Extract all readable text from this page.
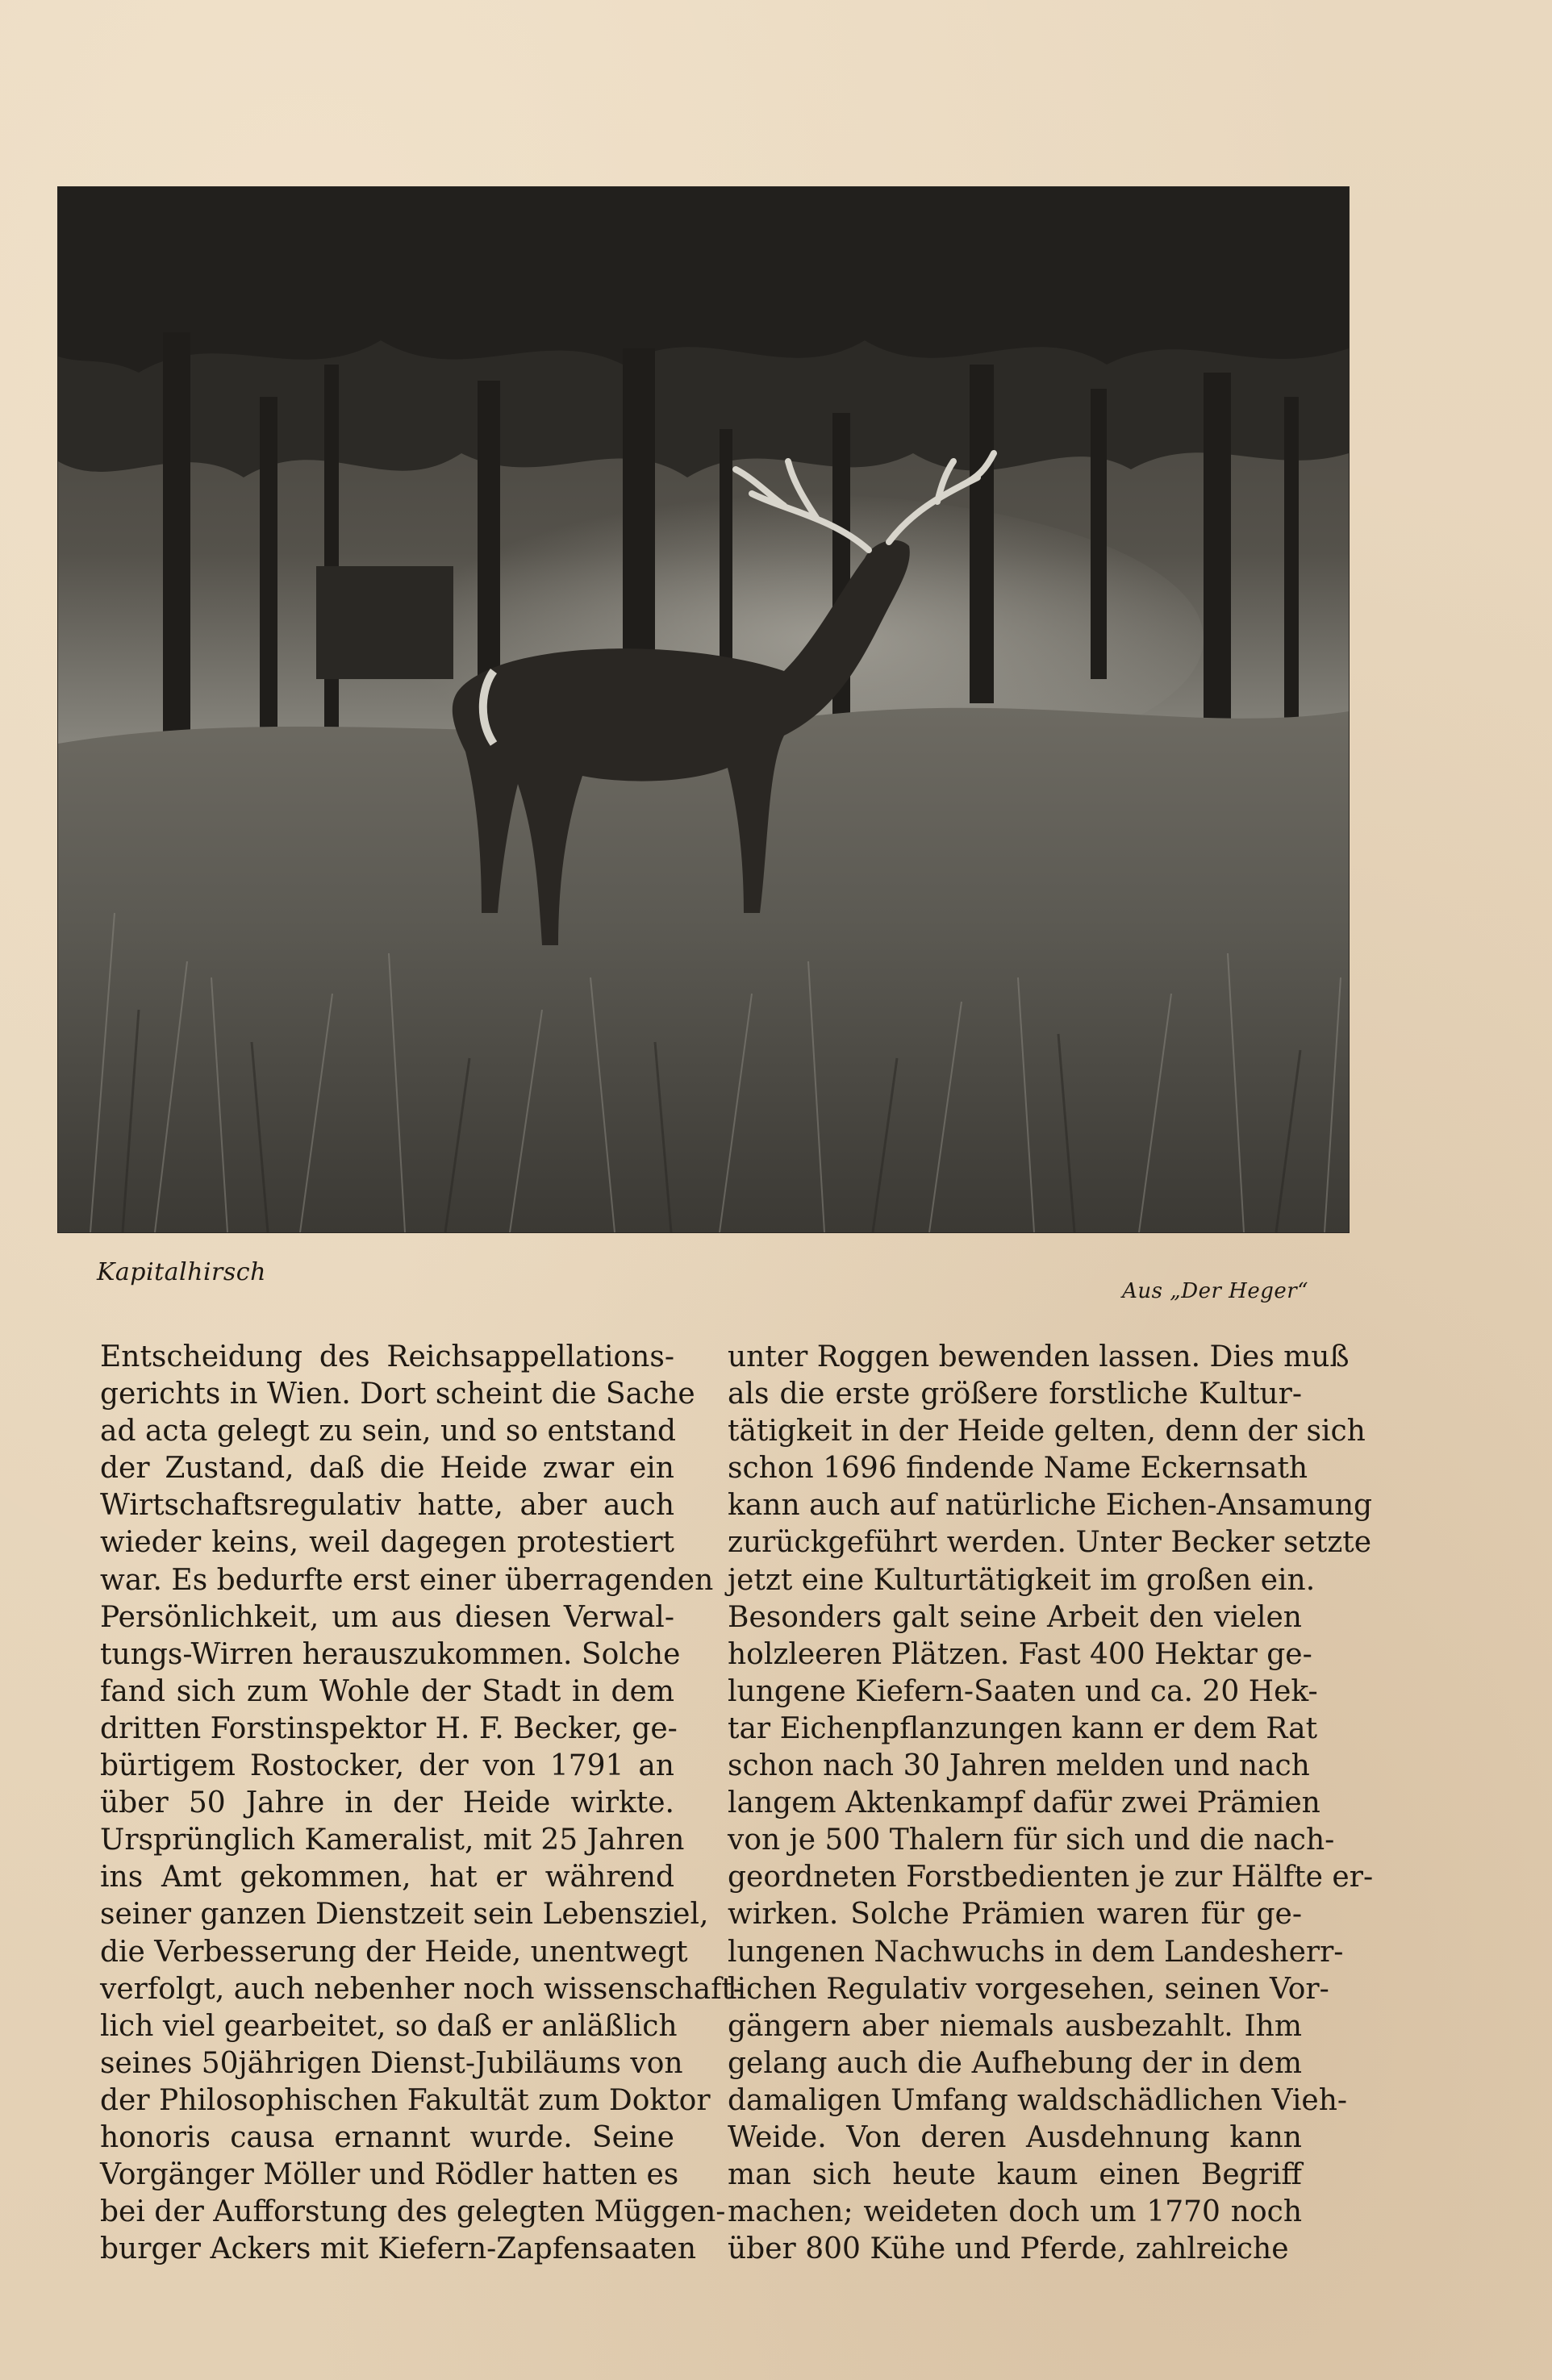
Kapitalhirsch
Aus „Der Heger“
Entscheidung des Reichsappellations-
gerichts in Wien. Dort scheint die Sache
ad acta gelegt zu sein, und so entstand
der Zustand, daß die Heide zwar ein
Wirtschaftsregulativ hatte, aber auch
wieder keins, weil dagegen protestiert
war. Es bedurfte erst einer überragenden
Persönlichkeit, um aus diesen Verwal-
tungs-Wirren herauszukommen. Solche
fand sich zum Wohle der Stadt in dem
dritten Forstinspektor H. F. Becker, ge-
bürtigem Rostocker, der von 1791 an
über 50 Jahre in der Heide wirkte.
Ursprünglich Kameralist, mit 25 Jahren
ins Amt gekommen, hat er während
seiner ganzen Dienstzeit sein Lebensziel,
die Verbesserung der Heide, unentwegt
verfolgt, auch nebenher noch wissenschaft-
lich viel gearbeitet, so daß er anläßlich
seines 50jährigen Dienst-Jubiläums von
der Philosophischen Fakultät zum Doktor
honoris causa ernannt wurde. Seine
Vorgänger Möller und Rödler hatten es
bei der Aufforstung des gelegten Müggen-
burger Ackers mit Kiefern-Zapfensaaten
unter Roggen bewenden lassen. Dies muß
als die erste größere forstliche Kultur-
tätigkeit in der Heide gelten, denn der sich
schon 1696 findende Name Eckernsath
kann auch auf natürliche Eichen-Ansamung
zurückgeführt werden. Unter Becker setzte
jetzt eine Kulturtätigkeit im großen ein.
Besonders galt seine Arbeit den vielen
holzleeren Plätzen. Fast 400 Hektar ge-
lungene Kiefern-Saaten und ca. 20 Hek-
tar Eichenpflanzungen kann er dem Rat
schon nach 30 Jahren melden und nach
langem Aktenkampf dafür zwei Prämien
von je 500 Thalern für sich und die nach-
geordneten Forstbedienten je zur Hälfte er-
wirken. Solche Prämien waren für ge-
lungenen Nachwuchs in dem Landesherr-
lichen Regulativ vorgesehen, seinen Vor-
gängern aber niemals ausbezahlt. Ihm
gelang auch die Aufhebung der in dem
damaligen Umfang waldschädlichen Vieh-
Weide. Von deren Ausdehnung kann
man sich heute kaum einen Begriff
machen; weideten doch um 1770 noch
über 800 Kühe und Pferde, zahlreiche
